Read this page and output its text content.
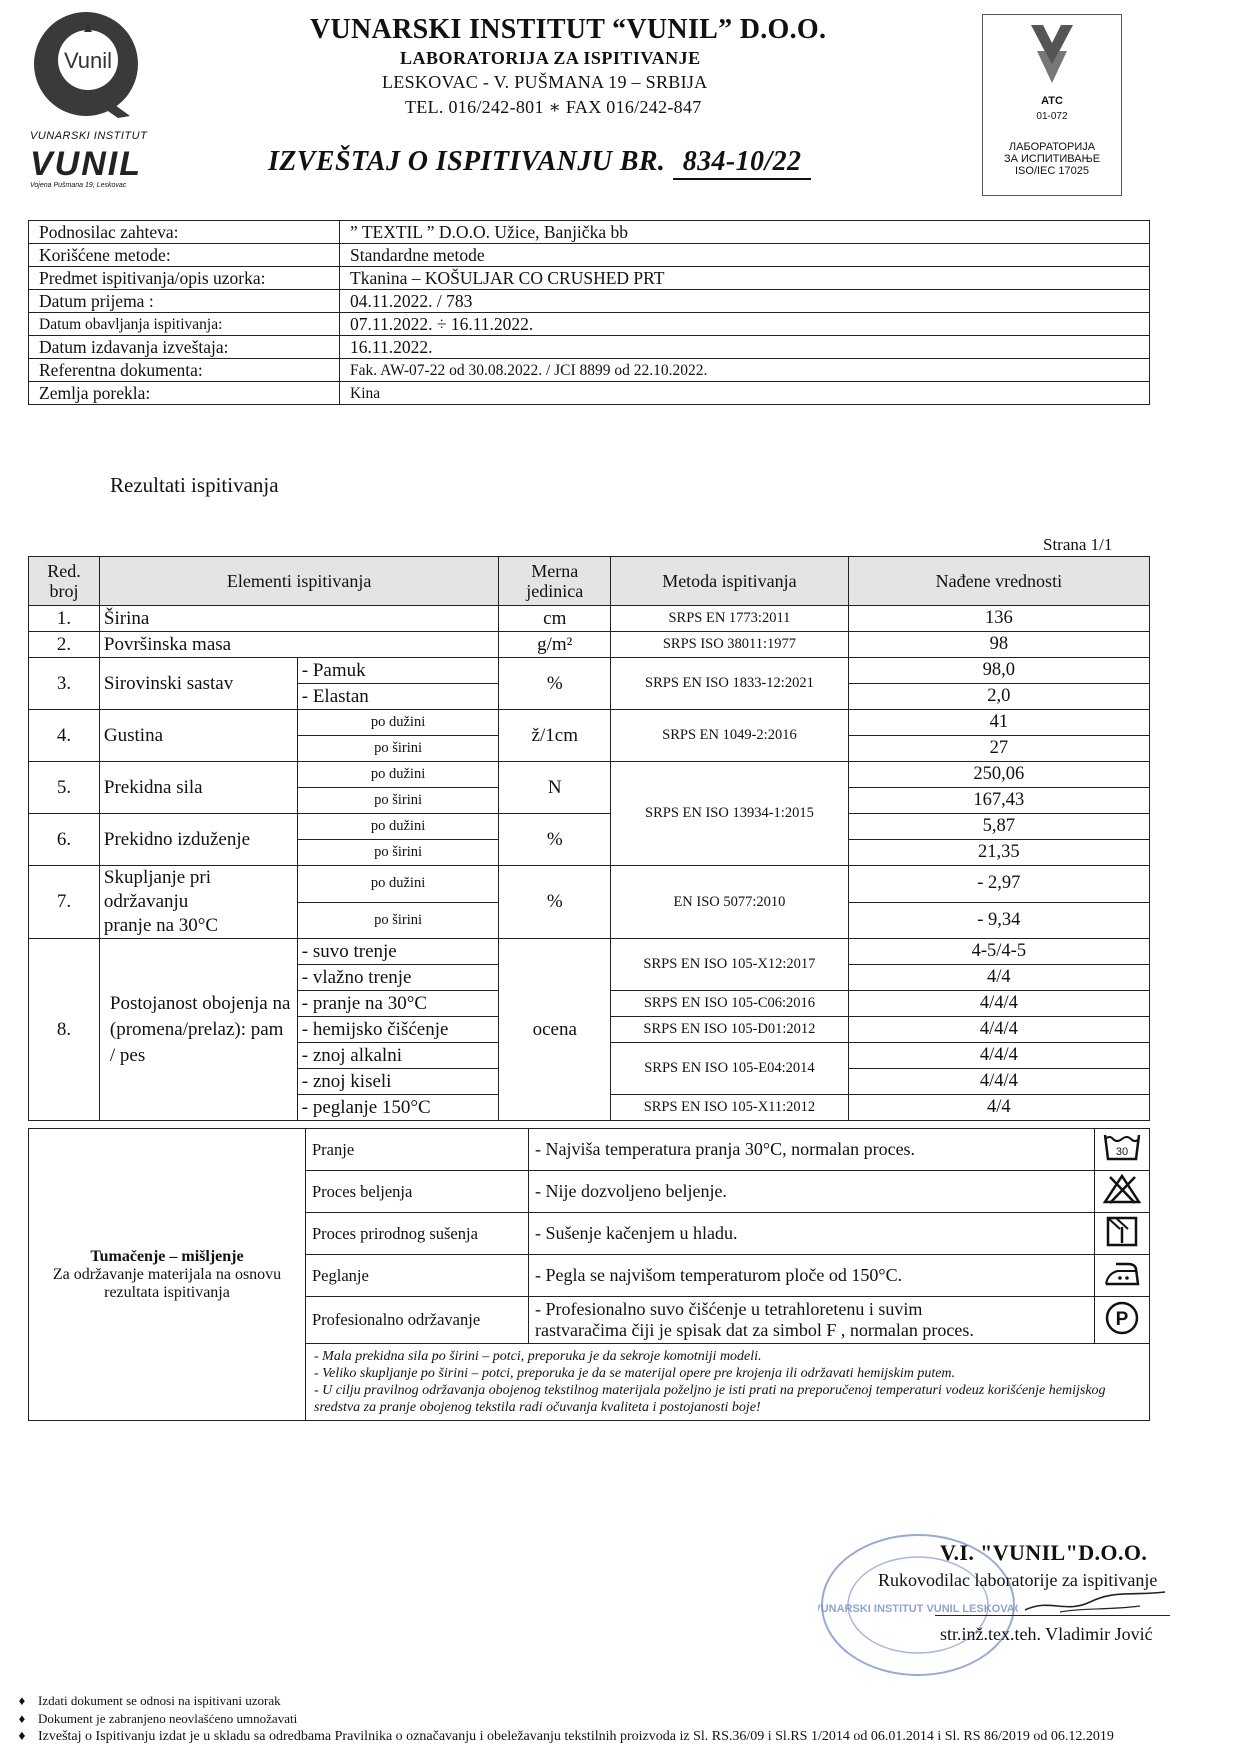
Vunil
VUNARSKI INSTITUT
VUNIL
Vojena Pušmana 19, Leskovac
VUNARSKI INSTITUT “VUNIL” D.O.O.
LABORATORIJA ZA ISPITIVANJE
LESKOVAC - V. PUŠMANA 19 – SRBIJA
TEL. 016/242-801 ∗ FAX 016/242-847
IZVEŠTAJ O ISPITIVANJU BR. 834-10/22
ATC
01-072
ЛАБОРАТОРИЈА
ЗА ИСПИТИВАЊЕ
ISO/IEC 17025
Podnosilac zahteva:	” TEXTIL ” D.O.O. Užice, Banjička bb
Korišćene metode:	Standardne metode
Predmet ispitivanja/opis uzorka:	Tkanina – KOŠULJAR CO CRUSHED PRT
Datum prijema :	04.11.2022. / 783
Datum obavljanja ispitivanja:	07.11.2022. ÷ 16.11.2022.
Datum izdavanja izveštaja:	16.11.2022.
Referentna dokumenta:	Fak. AW-07-22 od 30.08.2022. / JCI 8899 od 22.10.2022.
Zemlja porekla:	Kina
Rezultati ispitivanja
Strana 1/1
Red. broj	Elementi ispitivanja		Merna jedinica	Metoda ispitivanja	Nađene vrednosti
1.	Širina		cm	SRPS EN 1773:2011	136
2.	Površinska masa		g/m²	SRPS ISO 38011:1977	98
3.	Sirovinski sastav	- Pamuk	%	SRPS EN ISO 1833-12:2021	98,0
		- Elastan			2,0
4.	Gustina	po dužini	ž/1cm	SRPS EN 1049-2:2016	41
		po širini			27
5.	Prekidna sila	po dužini	N	SRPS EN ISO 13934-1:2015	250,06
		po širini			167,43
6.	Prekidno izduženje	po dužini	%		5,87
		po širini			21,35
7.	Skupljanje pri održavanju
pranje na 30°C	po dužini	%	EN ISO 5077:2010	- 2,97
		po širini			- 9,34
8.	Postojanost obojenja na (promena/prelaz): pam / pes	- suvo trenje	ocena	SRPS EN ISO 105-X12:2017	4-5/4-5
		- vlažno trenje			4/4
		- pranje na 30°C		SRPS EN ISO 105-C06:2016	4/4/4
		- hemijsko čišćenje		SRPS EN ISO 105-D01:2012	4/4/4
		- znoj alkalni		SRPS EN ISO 105-E04:2014	4/4/4
		- znoj kiseli			4/4/4
		- peglanje 150°C		SRPS EN ISO 105-X11:2012	4/4
Tumačenje – mišljenje
Za održavanje materijala na osnovu rezultata ispitivanja	Pranje	- Najviša temperatura pranja 30°C, normalan proces.	30

	Proces beljenja	- Nije dozvoljeno beljenje.	
	Proces prirodnog sušenja	- Sušenje kačenjem u hladu.	
	Peglanje	- Pegla se najvišom temperaturom ploče od 150°C.	
	Profesionalno održavanje	- Profesionalno suvo čišćenje u tetrahloretenu i suvim
rastvaračima čiji je spisak dat za simbol F , normalan proces.	P

	- Mala prekidna sila po širini – potci, preporuka je da sekroje komotniji modeli.
- Veliko skupljanje po širini – potci, preporuka je da se materijal opere pre krojenja ili održavati hemijskim putem.
- U cilju pravilnog održavanja obojenog tekstilnog materijala poželjno je isti prati na preporučenoj temperaturi vodeuz korišćenje hemijskog sredstva za pranje obojenog tekstila radi očuvanja kvaliteta i postojanosti boje!		
VUNARSKI INSTITUT VUNIL LESKOVAC
V.I. "VUNIL"D.O.O.
Rukovodilac laboratorije za ispitivanje
str.inž.tex.teh. Vladimir Jović
♦ Izdati dokument se odnosi na ispitivani uzorak
♦ Dokument je zabranjeno neovlašćeno umnožavati
♦ Izveštaj o Ispitivanju izdat je u skladu sa odredbama Pravilnika o označavanju i obeležavanju tekstilnih proizvoda iz Sl. RS.36/09 i Sl.RS 1/2014 od 06.01.2014 i Sl. RS 86/2019 od 06.12.2019
